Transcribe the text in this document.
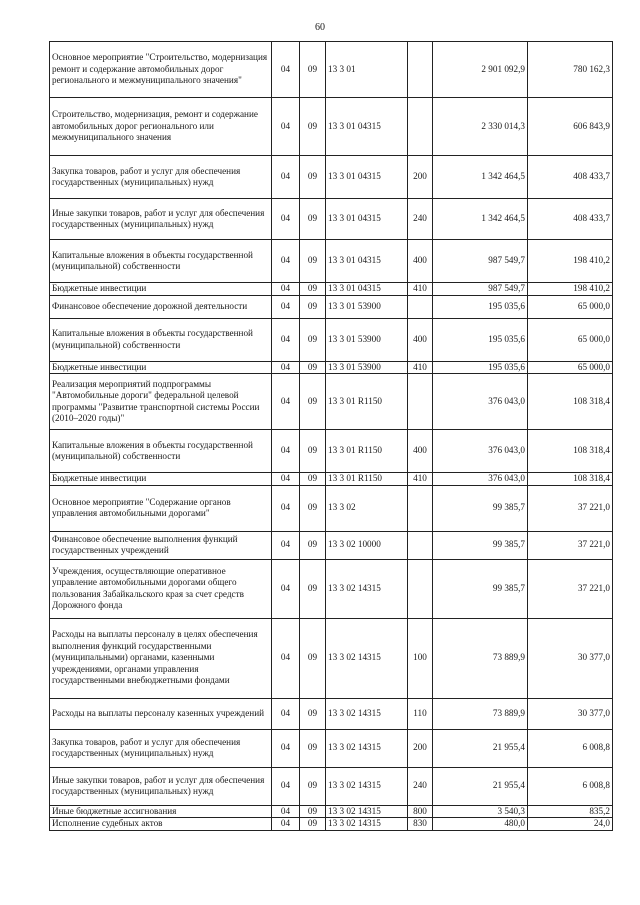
60
Основное мероприятие "Строительство, модернизация ремонт и содержание автомобильных дорог регионального и межмуниципального значения"	04	09	13 3 01		2 901 092,9	780 162,3
Строительство, модернизация, ремонт и содержание автомобильных дорог регионального или межмуниципального значения	04	09	13 3 01 04315		2 330 014,3	606 843,9
Закупка товаров, работ и услуг для обеспечения государственных (муниципальных) нужд	04	09	13 3 01 04315	200	1 342 464,5	408 433,7
Иные закупки товаров, работ и услуг для обеспечения государственных (муниципальных) нужд	04	09	13 3 01 04315	240	1 342 464,5	408 433,7
Капитальные вложения в объекты государственной (муниципальной) собственности	04	09	13 3 01 04315	400	987 549,7	198 410,2
Бюджетные инвестиции	04	09	13 3 01 04315	410	987 549,7	198 410,2
Финансовое обеспечение дорожной деятельности	04	09	13 3 01 53900		195 035,6	65 000,0
Капитальные вложения в объекты государственной (муниципальной) собственности	04	09	13 3 01 53900	400	195 035,6	65 000,0
Бюджетные инвестиции	04	09	13 3 01 53900	410	195 035,6	65 000,0
Реализация мероприятий подпрограммы "Автомобильные дороги" федеральной целевой программы "Развитие транспортной системы России (2010–2020 годы)"	04	09	13 3 01 R1150		376 043,0	108 318,4
Капитальные вложения в объекты государственной (муниципальной) собственности	04	09	13 3 01 R1150	400	376 043,0	108 318,4
Бюджетные инвестиции	04	09	13 3 01 R1150	410	376 043,0	108 318,4
Основное мероприятие "Содержание органов управления автомобильными дорогами"	04	09	13 3 02		99 385,7	37 221,0
Финансовое обеспечение выполнения функций государственных учреждений	04	09	13 3 02 10000		99 385,7	37 221,0
Учреждения, осуществляющие оперативное управление автомобильными дорогами общего пользования Забайкальского края за счет средств Дорожного фонда	04	09	13 3 02 14315		99 385,7	37 221,0
Расходы на выплаты персоналу в целях обеспечения выполнения функций государственными (муниципальными) органами, казенными учреждениями, органами управления государственными внебюджетными фондами	04	09	13 3 02 14315	100	73 889,9	30 377,0
Расходы на выплаты персоналу казенных учреждений	04	09	13 3 02 14315	110	73 889,9	30 377,0
Закупка товаров, работ и услуг для обеспечения государственных (муниципальных) нужд	04	09	13 3 02 14315	200	21 955,4	6 008,8
Иные закупки товаров, работ и услуг для обеспечения государственных (муниципальных) нужд	04	09	13 3 02 14315	240	21 955,4	6 008,8
Иные бюджетные ассигнования	04	09	13 3 02 14315	800	3 540,3	835,2
Исполнение судебных актов	04	09	13 3 02 14315	830	480,0	24,0
